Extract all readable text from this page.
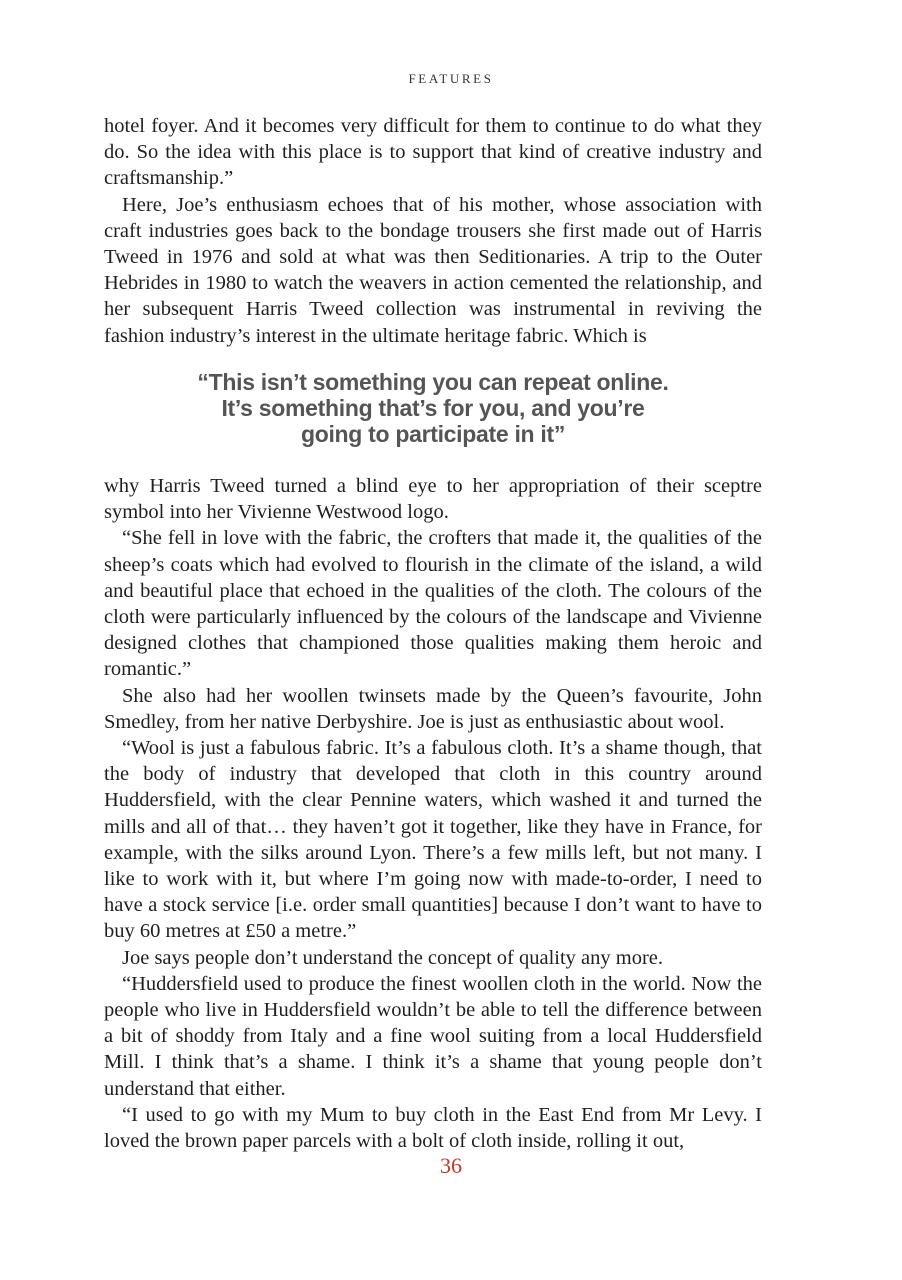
FEATURES

hotel foyer. And it becomes very difficult for them to continue to do what they do. So the idea with this place is to support that kind of creative industry and craftsmanship.”

Here, Joe’s enthusiasm echoes that of his mother, whose association with craft industries goes back to the bondage trousers she first made out of Harris Tweed in 1976 and sold at what was then Seditionaries. A trip to the Outer Hebrides in 1980 to watch the weavers in action cemented the relationship, and her subsequent Harris Tweed collection was instrumental in reviving the fashion industry’s interest in the ultimate heritage fabric. Which is

“This isn’t something you can repeat online.
It’s something that’s for you, and you’re
going to participate in it”

why Harris Tweed turned a blind eye to her appropriation of their sceptre symbol into her Vivienne Westwood logo.

“She fell in love with the fabric, the crofters that made it, the qualities of the sheep’s coats which had evolved to flourish in the climate of the island, a wild and beautiful place that echoed in the qualities of the cloth. The colours of the cloth were particularly influenced by the colours of the landscape and Vivienne designed clothes that championed those qualities making them heroic and romantic.”

She also had her woollen twinsets made by the Queen’s favourite, John Smedley, from her native Derbyshire. Joe is just as enthusiastic about wool.

“Wool is just a fabulous fabric. It’s a fabulous cloth. It’s a shame though, that the body of industry that developed that cloth in this country around Huddersfield, with the clear Pennine waters, which washed it and turned the mills and all of that… they haven’t got it together, like they have in France, for example, with the silks around Lyon. There’s a few mills left, but not many. I like to work with it, but where I’m going now with made-to-order, I need to have a stock service [i.e. order small quantities] because I don’t want to have to buy 60 metres at £50 a metre.”

Joe says people don’t understand the concept of quality any more.

“Huddersfield used to produce the finest woollen cloth in the world. Now the people who live in Huddersfield wouldn’t be able to tell the difference between a bit of shoddy from Italy and a fine wool suiting from a local Huddersfield Mill. I think that’s a shame. I think it’s a shame that young people don’t understand that either.

“I used to go with my Mum to buy cloth in the East End from Mr Levy. I loved the brown paper parcels with a bolt of cloth inside, rolling it out,

36
